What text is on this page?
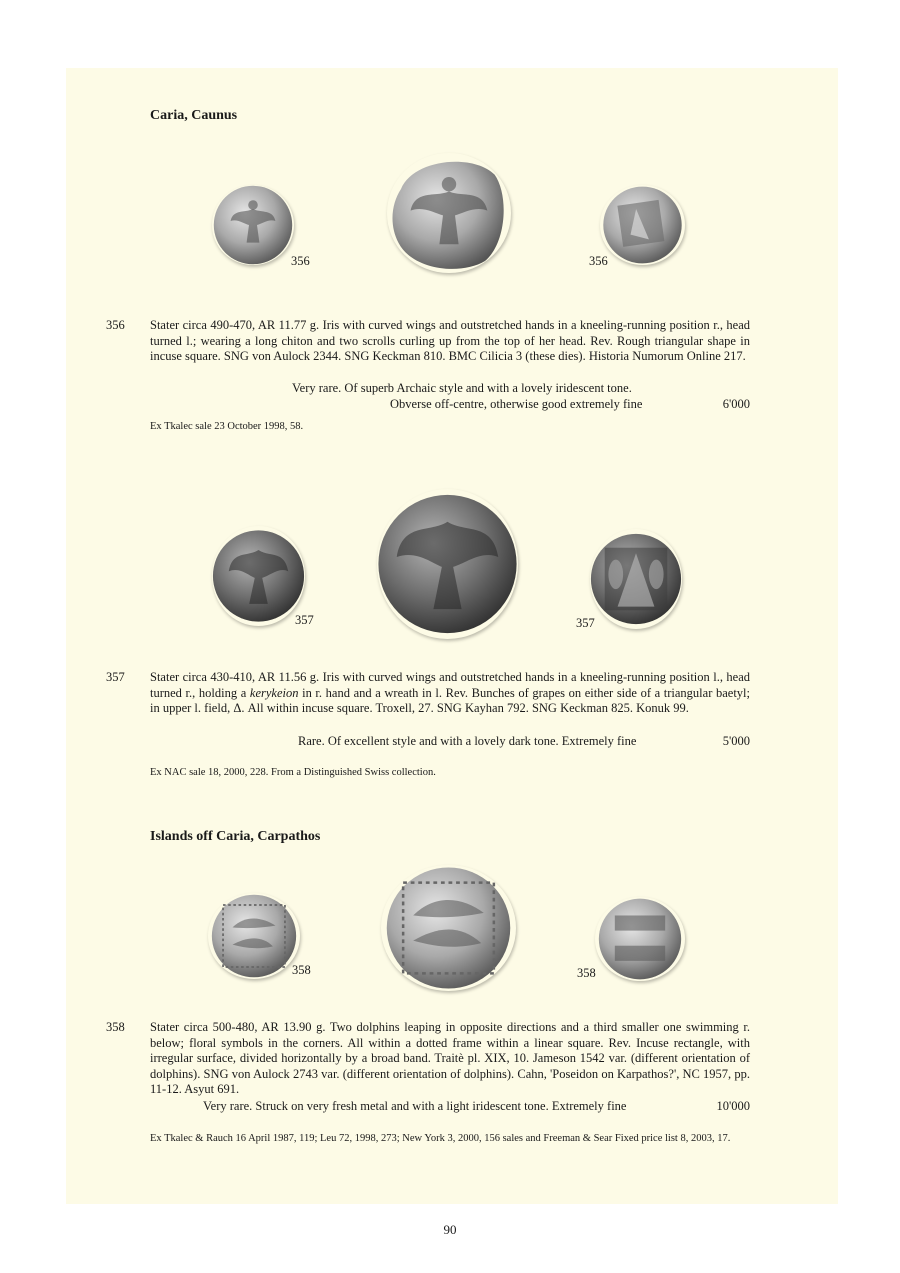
Caria, Caunus
356	356
356 Stater circa 490-470, AR 11.77 g. Iris with curved wings and outstretched hands in a kneeling-running position r., head turned l.; wearing a long chiton and two scrolls curling up from the top of her head. Rev. Rough triangular shape in incuse square. SNG von Aulock 2344. SNG Keckman 810. BMC Cilicia 3 (these dies). Historia Numorum Online 217.
Very rare. Of superb Archaic style and with a lovely iridescent tone.
Obverse off-centre, otherwise good extremely fine	6'000
Ex Tkalec sale 23 October 1998, 58.
357	357
357 Stater circa 430-410, AR 11.56 g. Iris with curved wings and outstretched hands in a kneeling-running position l., head turned r., holding a kerykeion in r. hand and a wreath in l. Rev. Bunches of grapes on either side of a triangular baetyl; in upper l. field, Δ. All within incuse square. Troxell, 27. SNG Kayhan 792. SNG Keckman 825. Konuk 99.
Rare. Of excellent style and with a lovely dark tone. Extremely fine	5'000
Ex NAC sale 18, 2000, 228. From a Distinguished Swiss collection.
Islands off Caria, Carpathos
358	358
358 Stater circa 500-480, AR 13.90 g. Two dolphins leaping in opposite directions and a third smaller one swimming r. below; floral symbols in the corners. All within a dotted frame within a linear square. Rev. Incuse rectangle, with irregular surface, divided horizontally by a broad band. Traitè pl. XIX, 10. Jameson 1542 var. (different orientation of dolphins). SNG von Aulock 2743 var. (different orientation of dolphins). Cahn, 'Poseidon on Karpathos?', NC 1957, pp. 11-12. Asyut 691.
Very rare. Struck on very fresh metal and with a light iridescent tone. Extremely fine	10'000
Ex Tkalec & Rauch 16 April 1987, 119; Leu 72, 1998, 273; New York 3, 2000, 156 sales and Freeman & Sear Fixed price list 8, 2003, 17.
90
